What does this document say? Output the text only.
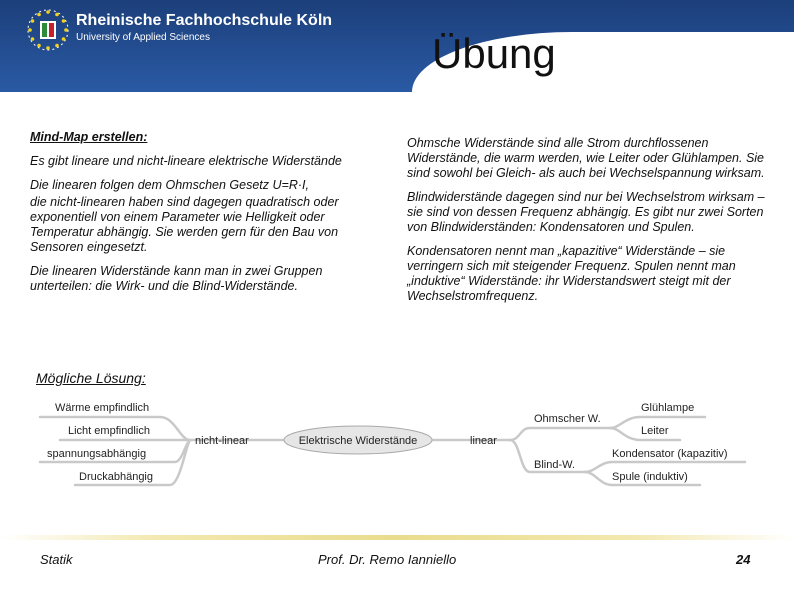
Rheinische Fachhochschule Köln
University of Applied Sciences	Übung

Mind-Map erstellen:

Es gibt lineare und nicht-lineare elektrische Widerstände

Die linearen folgen dem Ohmschen Gesetz U=R·I,

die nicht-linearen haben sind dagegen quadratisch oder exponentiell von einem Parameter wie Helligkeit oder Temperatur abhängig. Sie werden gern für den Bau von Sensoren eingesetzt.

Die linearen Widerstände kann man in zwei Gruppen unterteilen: die Wirk- und die Blind-Widerstände.

Ohmsche Widerstände sind alle Strom durchflossenen Widerstände, die warm werden, wie Leiter oder Glühlampen. Sie sind sowohl bei Gleich- als auch bei Wechselspannung wirksam.

Blindwiderstände dagegen sind nur bei Wechselstrom wirksam – sie sind von dessen Frequenz abhängig. Es gibt nur zwei Sorten von Blindwiderständen: Kondensatoren und Spulen.

Kondensatoren nennt man „kapazitive“ Widerstände – sie verringern sich mit steigender Frequenz. Spulen nennt man „induktive“ Widerstände: ihr Widerstandswert steigt mit der Wechselstromfrequenz.

Mögliche Lösung:
Elektrische Widerstände
nicht-linear	linear
Wärme empfindlich
Licht empfindlich
spannungsabhängig
Druckabhängig
Ohmscher W.
Blind-W.
Glühlampe
Leiter
Kondensator (kapazitiv)
Spule (induktiv)
Statik	Prof. Dr. Remo Ianniello	24
